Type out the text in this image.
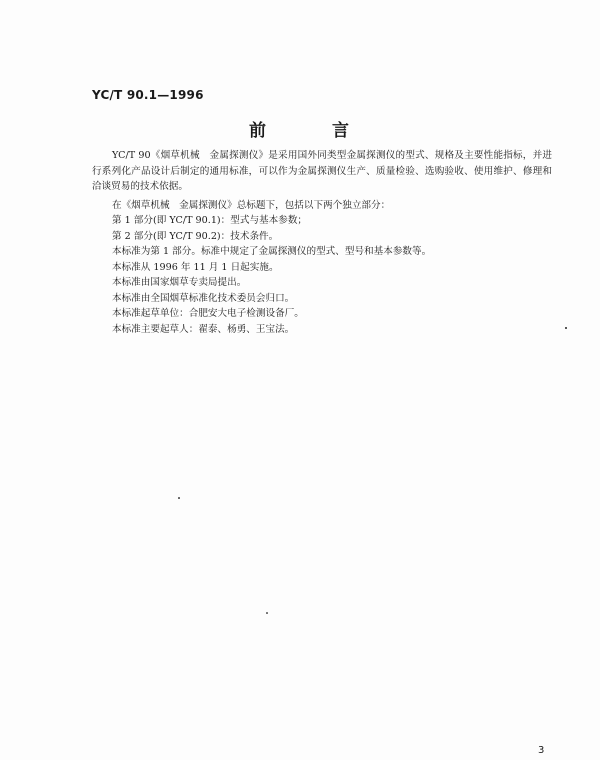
YC/T 90.1—1996
前 言

YC/T 90《烟草机械　金属探测仪》是采用国外同类型金属探测仪的型式、规格及主要性能指标，并进行系列化产品设计后制定的通用标准，可以作为金属探测仪生产、质量检验、选购验收、使用维护、修理和洽谈贸易的技术依据。

在《烟草机械　金属探测仪》总标题下，包括以下两个独立部分：

第 1 部分(即 YC/T 90.1)：型式与基本参数；

第 2 部分(即 YC/T 90.2)：技术条件。

本标准为第 1 部分。标准中规定了金属探测仪的型式、型号和基本参数等。

本标准从 1996 年 11 月 1 日起实施。

本标准由国家烟草专卖局提出。

本标准由全国烟草标准化技术委员会归口。

本标准起草单位：合肥安大电子检测设备厂。

本标准主要起草人：翟泰、杨勇、王宝法。

3
